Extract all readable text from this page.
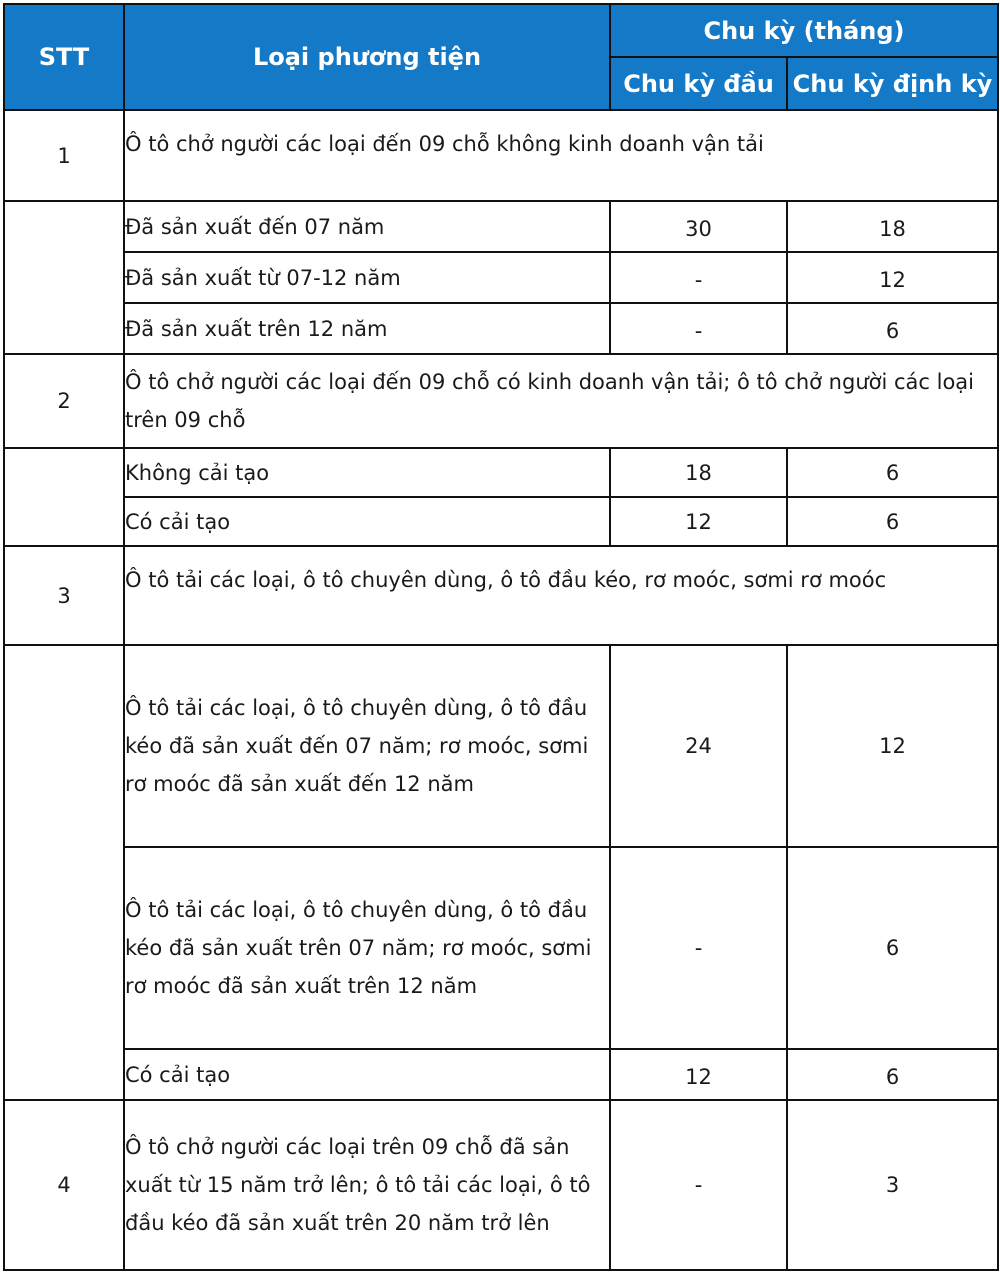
STT	Loại phương tiện	Chu kỳ (tháng)	
		Chu kỳ đầu	Chu kỳ định kỳ
1	Ô tô chở người các loại đến 09 chỗ không kinh doanh vận tải		
	Đã sản xuất đến 07 năm	30	18
	Đã sản xuất từ 07-12 năm	-	12
	Đã sản xuất trên 12 năm	-	6
2	Ô tô chở người các loại đến 09 chỗ có kinh doanh vận tải; ô tô chở người các loại trên 09 chỗ		
	Không cải tạo	18	6
	Có cải tạo	12	6
3	Ô tô tải các loại, ô tô chuyên dùng, ô tô đầu kéo, rơ moóc, sơmi rơ moóc		
	Ô tô tải các loại, ô tô chuyên dùng, ô tô đầu kéo đã sản xuất đến 07 năm; rơ moóc, sơmi rơ moóc đã sản xuất đến 12 năm	24	12
	Ô tô tải các loại, ô tô chuyên dùng, ô tô đầu kéo đã sản xuất trên 07 năm; rơ moóc, sơmi rơ moóc đã sản xuất trên 12 năm	-	6
	Có cải tạo	12	6
4	Ô tô chở người các loại trên 09 chỗ đã sản xuất từ 15 năm trở lên; ô tô tải các loại, ô tô đầu kéo đã sản xuất trên 20 năm trở lên	-	3
